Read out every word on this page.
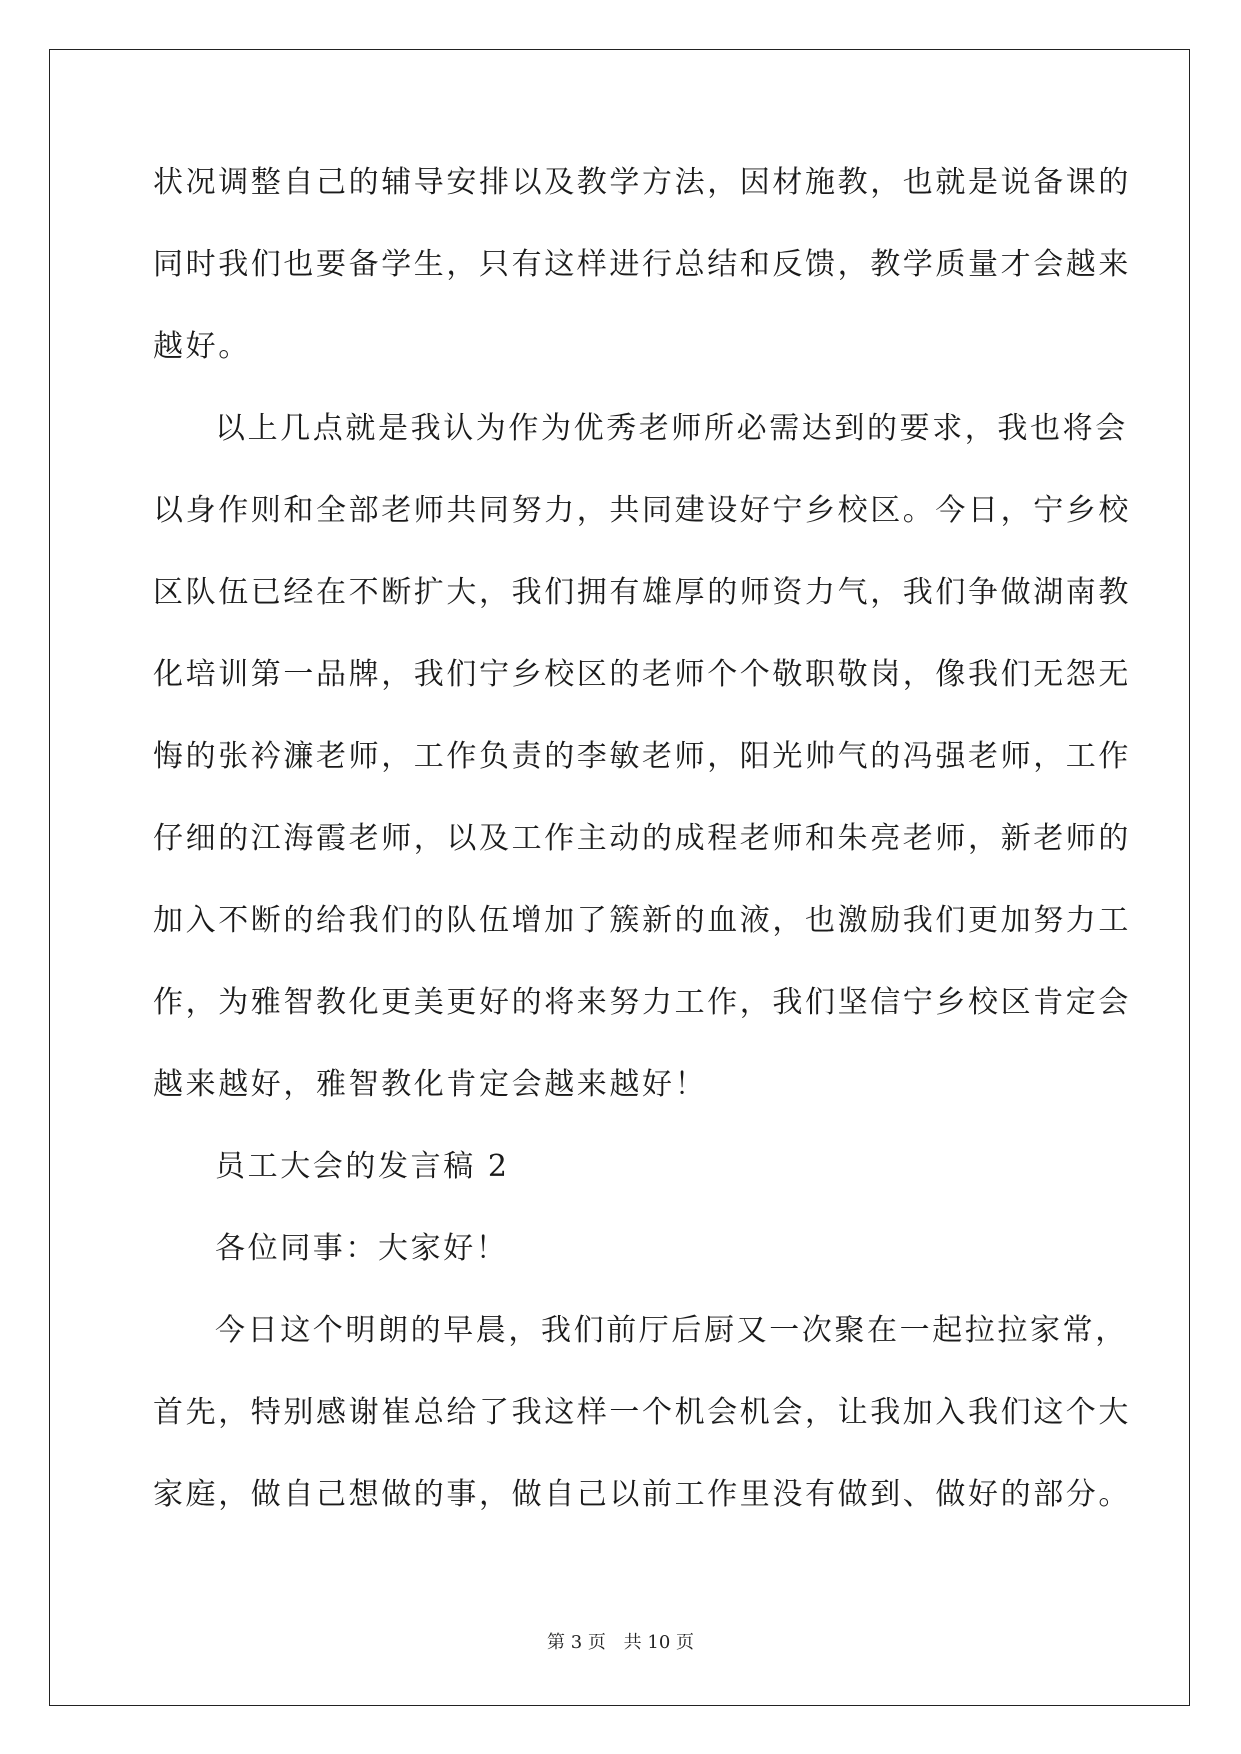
状况调整自己的辅导安排以及教学方法，因材施教，也就是说备课的
同时我们也要备学生，只有这样进行总结和反馈，教学质量才会越来
越好。
以上几点就是我认为作为优秀老师所必需达到的要求，我也将会
以身作则和全部老师共同努力，共同建设好宁乡校区。今日，宁乡校
区队伍已经在不断扩大，我们拥有雄厚的师资力气，我们争做湖南教
化培训第一品牌，我们宁乡校区的老师个个敬职敬岗，像我们无怨无
悔的张衿濂老师，工作负责的李敏老师，阳光帅气的冯强老师，工作
仔细的江海霞老师，以及工作主动的成程老师和朱亮老师，新老师的
加入不断的给我们的队伍增加了簇新的血液，也激励我们更加努力工
作，为雅智教化更美更好的将来努力工作，我们坚信宁乡校区肯定会
越来越好，雅智教化肯定会越来越好！
员工大会的发言稿 2
各位同事：大家好！
今日这个明朗的早晨，我们前厅后厨又一次聚在一起拉拉家常，
首先，特别感谢崔总给了我这样一个机会机会，让我加入我们这个大
家庭，做自己想做的事，做自己以前工作里没有做到、做好的部分。
第 3 页 共 10 页
